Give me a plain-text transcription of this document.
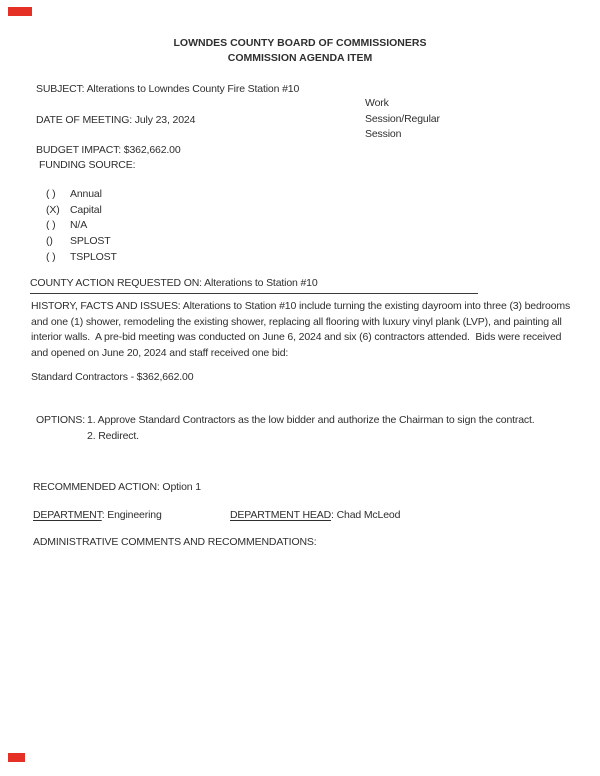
LOWNDES COUNTY BOARD OF COMMISSIONERS
COMMISSION AGENDA ITEM
SUBJECT: Alterations to Lowndes County Fire Station #10
Work
Session/Regular
Session
DATE OF MEETING: July 23, 2024
BUDGET IMPACT: $362,662.00
FUNDING SOURCE:
( )	Annual
(X) Capital
( )	N/A
()	SPLOST
( )	TSPLOST
COUNTY ACTION REQUESTED ON: Alterations to Station #10
HISTORY, FACTS AND ISSUES: Alterations to Station #10 include turning the existing dayroom into three (3) bedrooms and one (1) shower, remodeling the existing shower, replacing all flooring with luxury vinyl plank (LVP), and painting all interior walls.  A pre-bid meeting was conducted on June 6, 2024 and six (6) contractors attended.  Bids were received and opened on June 20, 2024 and staff received one bid:
Standard Contractors - $362,662.00
OPTIONS: 1. Approve Standard Contractors as the low bidder and authorize the Chairman to sign the contract.
2. Redirect.
RECOMMENDED ACTION: Option 1
DEPARTMENT: Engineering	DEPARTMENT HEAD: Chad McLeod
ADMINISTRATIVE COMMENTS AND RECOMMENDATIONS:
